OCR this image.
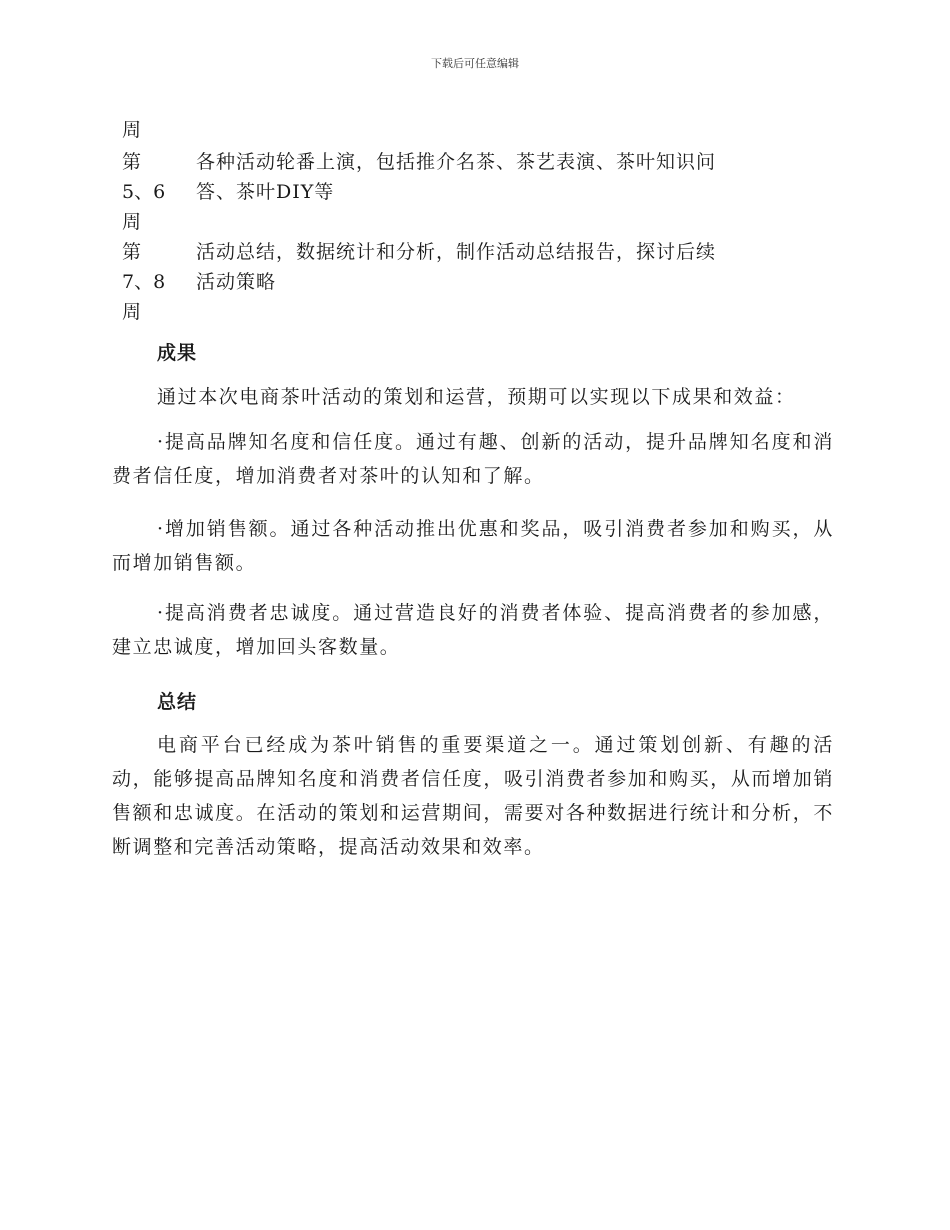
下载后可任意编辑
周
第
5、6
周
各种活动轮番上演，包括推介名茶、茶艺表演、茶叶知识问答、茶叶DIY等
第
7、8
周
活动总结，数据统计和分析，制作活动总结报告，探讨后续活动策略
成果
通过本次电商茶叶活动的策划和运营，预期可以实现以下成果和效益：
·提高品牌知名度和信任度。通过有趣、创新的活动，提升品牌知名度和消费者信任度，增加消费者对茶叶的认知和了解。
·增加销售额。通过各种活动推出优惠和奖品，吸引消费者参加和购买，从而增加销售额。
·提高消费者忠诚度。通过营造良好的消费者体验、提高消费者的参加感，建立忠诚度，增加回头客数量。
总结
电商平台已经成为茶叶销售的重要渠道之一。通过策划创新、有趣的活动，能够提高品牌知名度和消费者信任度，吸引消费者参加和购买，从而增加销售额和忠诚度。在活动的策划和运营期间，需要对各种数据进行统计和分析，不断调整和完善活动策略，提高活动效果和效率。
